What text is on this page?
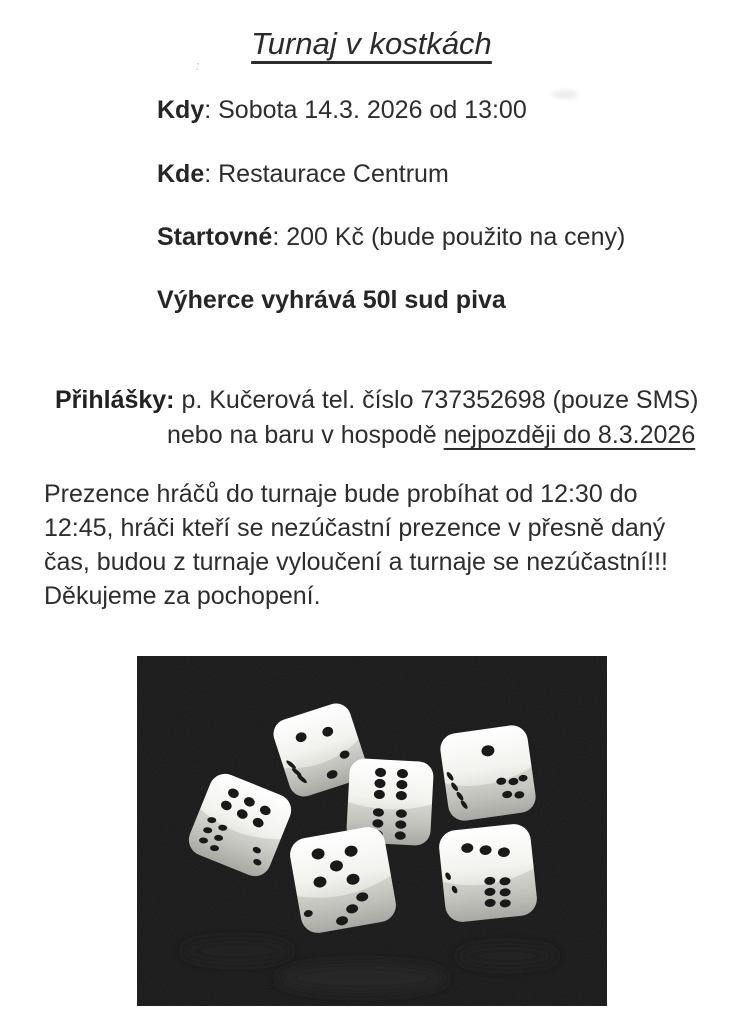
Turnaj v kostkách
:
Kdy: Sobota 14.3. 2026 od 13:00
Kde: Restaurace Centrum
Startovné: 200 Kč (bude použito na ceny)
Výherce vyhrává 50l sud piva
Přihlášky: p. Kučerová tel. číslo 737352698 (pouze SMS)
nebo na baru v hospodě nejpozději do 8.3.2026
Prezence hráčů do turnaje bude probíhat od 12:30 do
12:45, hráči kteří se nezúčastní prezence v přesně daný
čas, budou z turnaje vyloučení a turnaje se nezúčastní!!!
Děkujeme za pochopení.
